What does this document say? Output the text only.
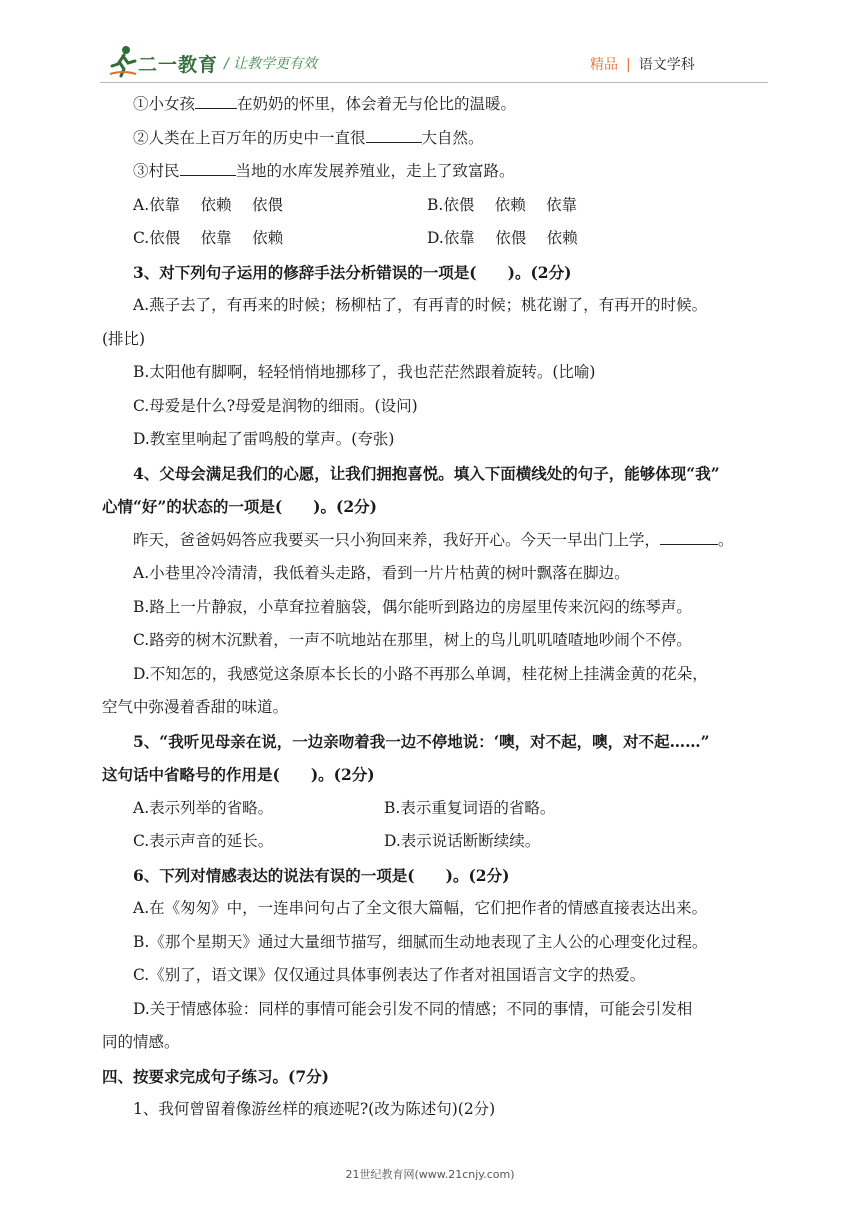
二一教育 / 让教学更有效	精品 | 语文学科
①小女孩	在奶奶的怀里，体会着无与伦比的温暖。
②人类在上百万年的历史中一直很	大自然。
③村民	当地的水库发展养殖业，走上了致富路。
A.依靠　 依赖　 依偎	B.依偎　 依赖　 依靠
C.依偎　 依靠　 依赖	D.依靠　 依偎　 依赖
3、对下列句子运用的修辞手法分析错误的一项是(　　)。(2分)
A.燕子去了，有再来的时候；杨柳枯了，有再青的时候；桃花谢了，有再开的时候。
(排比)
B.太阳他有脚啊，轻轻悄悄地挪移了，我也茫茫然跟着旋转。(比喻)
C.母爱是什么?母爱是润物的细雨。(设问)
D.教室里响起了雷鸣般的掌声。(夸张)
4、父母会满足我们的心愿，让我们拥抱喜悦。填入下面横线处的句子，能够体现“我”
心情“好”的状态的一项是(　　)。(2分)
昨天，爸爸妈妈答应我要买一只小狗回来养，我好开心。今天一早出门上学，	。
A.小巷里冷冷清清，我低着头走路，看到一片片枯黄的树叶飘落在脚边。
B.路上一片静寂，小草耷拉着脑袋，偶尔能听到路边的房屋里传来沉闷的练琴声。
C.路旁的树木沉默着，一声不吭地站在那里，树上的鸟儿叽叽喳喳地吵闹个不停。
D.不知怎的，我感觉这条原本长长的小路不再那么单调，桂花树上挂满金黄的花朵，
空气中弥漫着香甜的味道。
5、“我听见母亲在说，一边亲吻着我一边不停地说：‘噢，对不起，噢，对不起……”
这句话中省略号的作用是(　　)。(2分)
A.表示列举的省略。	B.表示重复词语的省略。
C.表示声音的延长。	D.表示说话断断续续。
6、下列对情感表达的说法有误的一项是(　　)。(2分)
A.在《匆匆》中，一连串问句占了全文很大篇幅，它们把作者的情感直接表达出来。
B.《那个星期天》通过大量细节描写，细腻而生动地表现了主人公的心理变化过程。
C.《别了，语文课》仅仅通过具体事例表达了作者对祖国语言文字的热爱。
D.关于情感体验：同样的事情可能会引发不同的情感；不同的事情，可能会引发相
同的情感。
四、按要求完成句子练习。(7分)
1、我何曾留着像游丝样的痕迹呢?(改为陈述句)(2分)
21世纪教育网(www.21cnjy.com)
